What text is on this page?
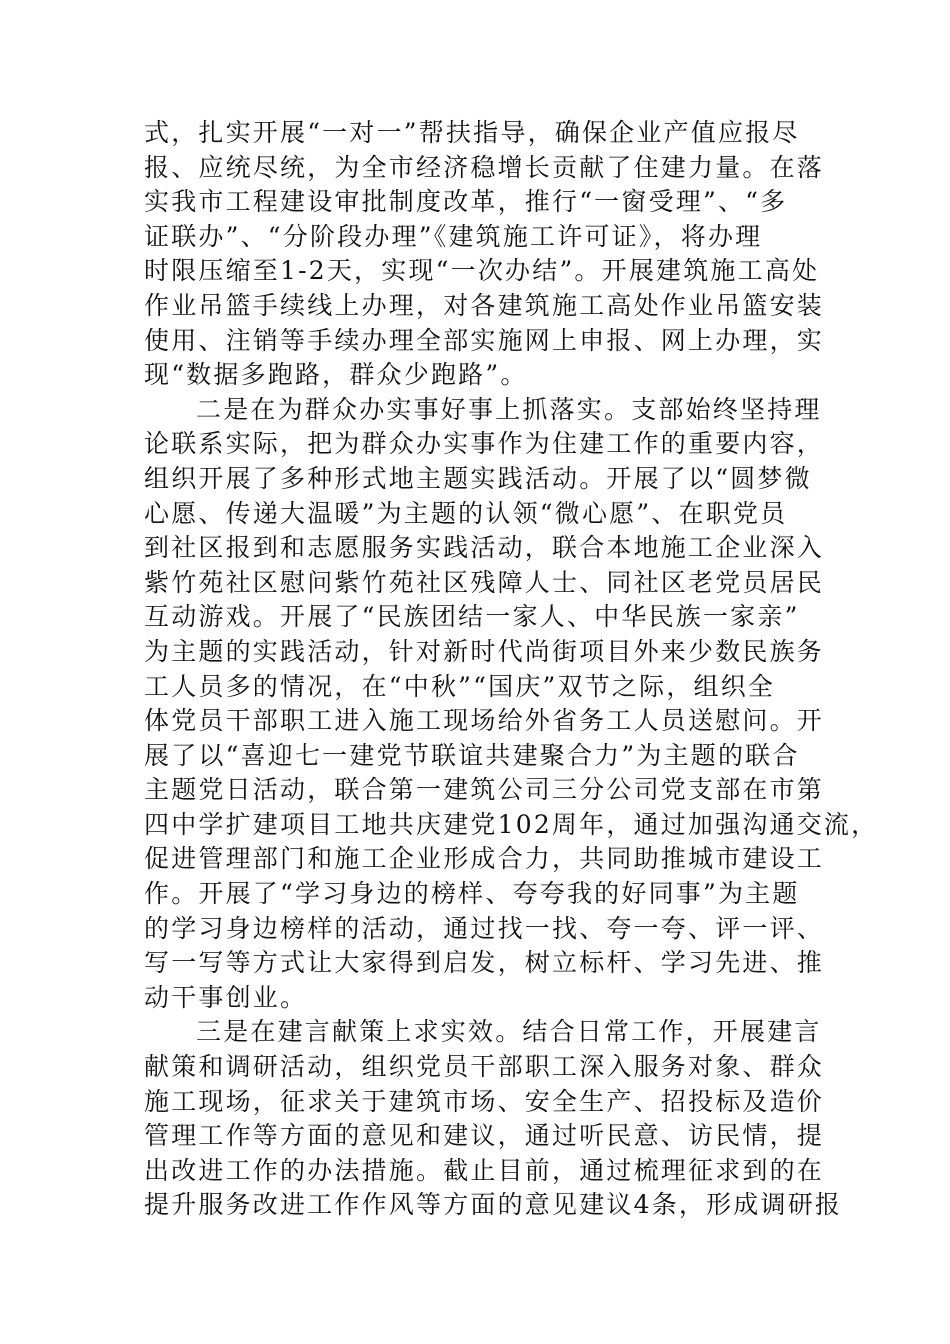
式，扎实开展“一对一”帮扶指导，确保企业产值应报尽
报、应统尽统，为全市经济稳增长贡献了住建力量。在落
实我市工程建设审批制度改革，推行“一窗受理”、“多
证联办”、“分阶段办理”《建筑施工许可证》，将办理
时限压缩至1-2天，实现“一次办结”。开展建筑施工高处
作业吊篮手续线上办理，对各建筑施工高处作业吊篮安装
使用、注销等手续办理全部实施网上申报、网上办理，实
现“数据多跑路，群众少跑路”。
二是在为群众办实事好事上抓落实。支部始终坚持理
论联系实际，把为群众办实事作为住建工作的重要内容，
组织开展了多种形式地主题实践活动。开展了以“圆梦微
心愿、传递大温暖”为主题的认领“微心愿”、在职党员
到社区报到和志愿服务实践活动，联合本地施工企业深入
紫竹苑社区慰问紫竹苑社区残障人士、同社区老党员居民
互动游戏。开展了“民族团结一家人、中华民族一家亲”
为主题的实践活动，针对新时代尚街项目外来少数民族务
工人员多的情况，在“中秋”“国庆”双节之际，组织全
体党员干部职工进入施工现场给外省务工人员送慰问。开
展了以“喜迎七一建党节联谊共建聚合力”为主题的联合
主题党日活动，联合第一建筑公司三分公司党支部在市第
四中学扩建项目工地共庆建党102周年，通过加强沟通交流，
促进管理部门和施工企业形成合力，共同助推城市建设工
作。开展了“学习身边的榜样、夸夸我的好同事”为主题
的学习身边榜样的活动，通过找一找、夸一夸、评一评、
写一写等方式让大家得到启发，树立标杆、学习先进、推
动干事创业。
三是在建言献策上求实效。结合日常工作，开展建言
献策和调研活动，组织党员干部职工深入服务对象、群众
施工现场，征求关于建筑市场、安全生产、招投标及造价
管理工作等方面的意见和建议，通过听民意、访民情，提
出改进工作的办法措施。截止目前，通过梳理征求到的在
提升服务改进工作作风等方面的意见建议4条，形成调研报
